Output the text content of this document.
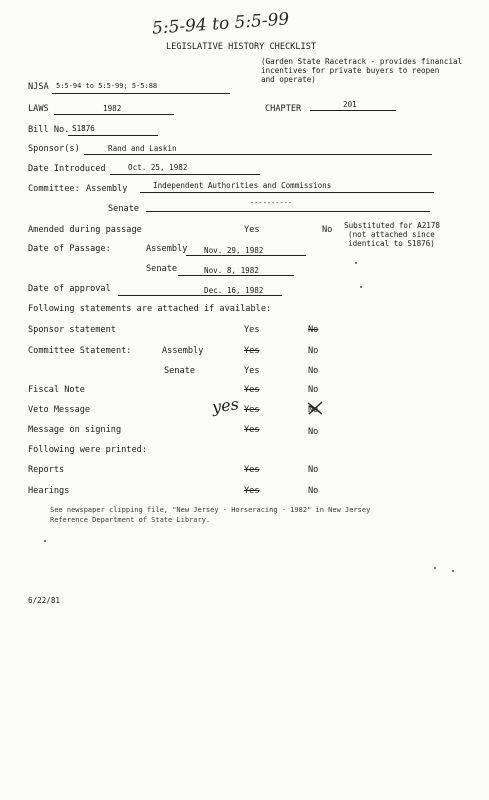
5:5-94 to 5:5-99
LEGISLATIVE HISTORY CHECKLIST
(Garden State Racetrack - provides financial
incentives for private buyers to reopen
and operate)
NJSA 5:5-94 to 5:5-99; 5-5:88
LAWS	1982	CHAPTER	201
Bill No. S1876
Sponsor(s)	Rand and Laskin
Date Introduced	Oct. 25, 1982
Committee: Assembly	Independent Authorities and Commissions
Senate
----------
Amended during passage	Yes	No Substituted for A2178
(not attached since
identical to S1876)
Date of Passage:	Assembly Nov. 29, 1982
Senate	Nov. 8, 1982
Date of approval	Dec. 16, 1982
Following statements are attached if available:
Sponsor statement	Yes	No
Committee Statement:	Assembly	Yes	No
Senate	Yes	No
Fiscal Note	Yes	No
Veto Message	yes Yes	No
Message on signing	Yes	No
Following were printed:
Reports	Yes	No
Hearings	Yes	No
See newspaper clipping file, "New Jersey - Horseracing - 1982" in New Jersey
Reference Department of State Library.
6/22/81
